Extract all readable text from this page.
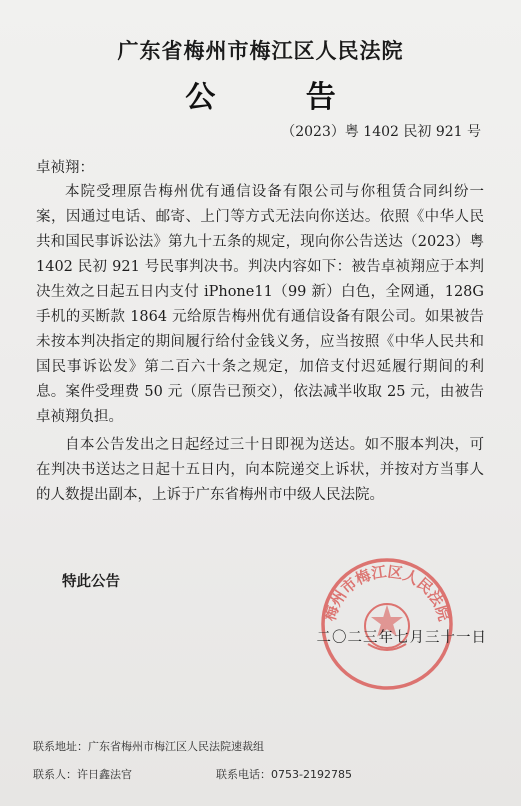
广东省梅州市梅江区人民法院
公 告
（2023）粤 1402 民初 921 号
卓祯翔：

本院受理原告梅州优有通信设备有限公司与你租赁合同纠纷一案，因通过电话、邮寄、上门等方式无法向你送达。依照《中华人民共和国民事诉讼法》第九十五条的规定，现向你公告送达（2023）粤 1402 民初 921 号民事判决书。判决内容如下：被告卓祯翔应于本判决生效之日起五日内支付 iPhone11（99 新）白色，全网通，128G 手机的买断款 1864 元给原告梅州优有通信设备有限公司。如果被告未按本判决指定的期间履行给付金钱义务，应当按照《中华人民共和国民事诉讼发》第二百六十条之规定，加倍支付迟延履行期间的利息。案件受理费 50 元（原告已预交），依法减半收取 25 元，由被告卓祯翔负担。

自本公告发出之日起经过三十日即视为送达。如不服本判决，可在判决书送达之日起十五日内，向本院递交上诉状，并按对方当事人的人数提出副本，上诉于广东省梅州市中级人民法院。

特此公告
梅州市梅江区人民法院
二〇二三年七月三十一日
联系地址：广东省梅州市梅江区人民法院速裁组
联系人：许日鑫法官	联系电话：0753-2192785
